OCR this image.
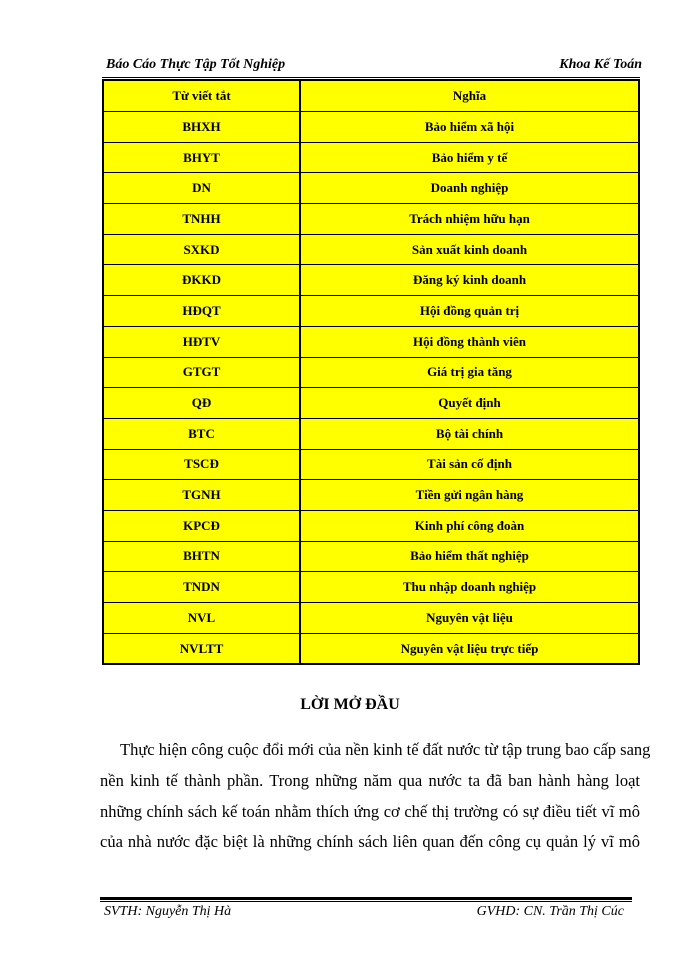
Báo Cáo Thực Tập Tốt Nghiệp	Khoa Kế Toán
Từ viết tắt	Nghĩa
BHXH	Bảo hiểm xã hội
BHYT	Bảo hiểm y tế
DN	Doanh nghiệp
TNHH	Trách nhiệm hữu hạn
SXKD	Sản xuất kinh doanh
ĐKKD	Đăng ký kinh doanh
HĐQT	Hội đồng quản trị
HĐTV	Hội đồng thành viên
GTGT	Giá trị gia tăng
QĐ	Quyết định
BTC	Bộ tài chính
TSCĐ	Tài sản cố định
TGNH	Tiền gửi ngân hàng
KPCĐ	Kinh phí công đoàn
BHTN	Bảo hiểm thất nghiệp
TNDN	Thu nhập doanh nghiệp
NVL	Nguyên vật liệu
NVLTT	Nguyên vật liệu trực tiếp
LỜI MỞ ĐẦU
Thực hiện công cuộc đổi mới của nền kinh tế đất nước từ tập trung bao cấp sang
nền kinh tế thành phần. Trong những năm qua nước ta đã ban hành hàng loạt
những chính sách kế toán nhằm thích ứng cơ chế thị trường có sự điều tiết vĩ mô
của nhà nước đặc biệt là những chính sách liên quan đến công cụ quản lý vĩ mô
SVTH: Nguyễn Thị Hà	GVHD: CN. Trần Thị Cúc
